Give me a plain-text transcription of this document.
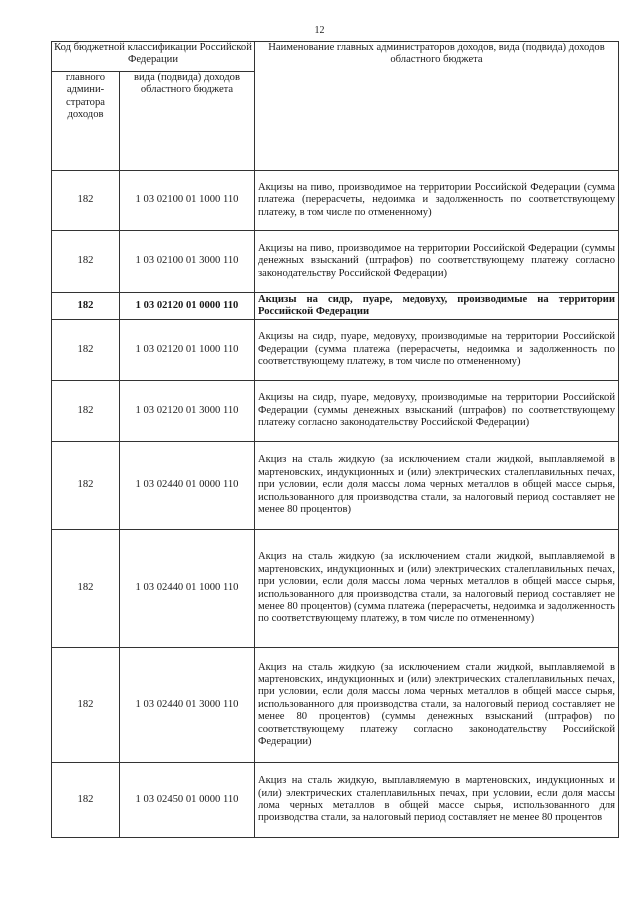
12
Код бюджетной классификации Российской Федерации		Наименование главных администраторов доходов, вида (подвида) доходов областного бюджета
главного
админи-
стратора
доходов	вида (подвида) доходов областного бюджета	
182	1 03 02100 01 1000 110	Акцизы на пиво, производимое на территории Российской Федерации (сумма платежа (перерасчеты, недоимка и задолженность по соответствующему платежу, в том числе по отмененному)
182	1 03 02100 01 3000 110	Акцизы на пиво, производимое на территории Российской Федерации (суммы денежных взысканий (штрафов) по соответствующему платежу согласно законодательству Российской Федерации)
182	1 03 02120 01 0000 110	Акцизы на сидр, пуаре, медовуху, производимые на территории Российской Федерации
182	1 03 02120 01 1000 110	Акцизы на сидр, пуаре, медовуху, производимые на территории Российской Федерации (сумма платежа (перерасчеты, недоимка и задолженность по соответствующему платежу, в том числе по отмененному)
182	1 03 02120 01 3000 110	Акцизы на сидр, пуаре, медовуху, производимые на территории Российской Федерации (суммы денежных взысканий (штрафов) по соответствующему платежу согласно законодательству Российской Федерации)
182	1 03 02440 01 0000 110	Акциз на сталь жидкую (за исключением стали жидкой, выплавляемой в мартеновских, индукционных и (или) электрических сталеплавильных печах, при условии, если доля массы лома черных металлов в общей массе сырья, использованного для производства стали, за налоговый период составляет не менее 80 процентов)
182	1 03 02440 01 1000 110	Акциз на сталь жидкую (за исключением стали жидкой, выплавляемой в мартеновских, индукционных и (или) электрических сталеплавильных печах, при условии, если доля массы лома черных металлов в общей массе сырья, использованного для производства стали, за налоговый период составляет не менее 80 процентов) (сумма платежа (перерасчеты, недоимка и задолженность по соответствующему платежу, в том числе по отмененному)
182	1 03 02440 01 3000 110	Акциз на сталь жидкую (за исключением стали жидкой, выплавляемой в мартеновских, индукционных и (или) электрических сталеплавильных печах, при условии, если доля массы лома черных металлов в общей массе сырья, использованного для производства стали, за налоговый период составляет не менее 80 процентов) (суммы денежных взысканий (штрафов) по соответствующему платежу согласно законодательству Российской Федерации)
182	1 03 02450 01 0000 110	Акциз на сталь жидкую, выплавляемую в мартеновских, индукционных и (или) электрических сталеплавильных печах, при условии, если доля массы лома черных металлов в общей массе сырья, использованного для производства стали, за налоговый период составляет не менее 80 процентов
